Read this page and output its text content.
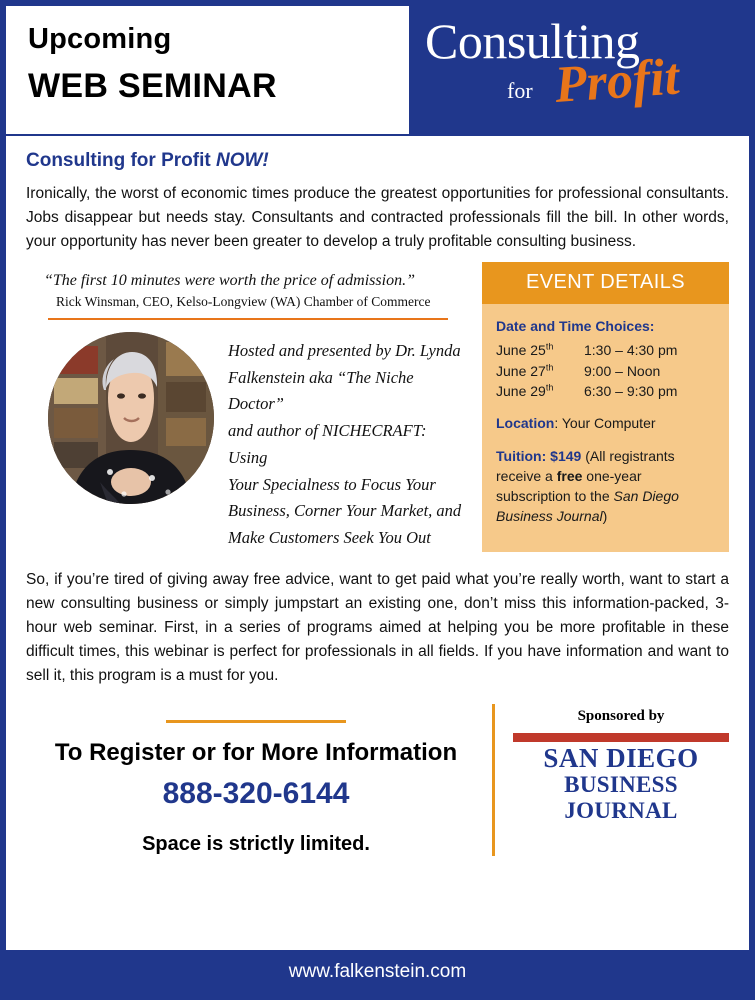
Upcoming
WEB SEMINAR
Consulting
for Profit
Consulting for Profit NOW!

Ironically, the worst of economic times produce the greatest opportunities for professional consultants. Jobs disappear but needs stay. Consultants and contracted professionals fill the bill. In other words, your opportunity has never been greater to develop a truly profitable consulting business.

“The first 10 minutes were worth the price of admission.”
Rick Winsman, CEO, Kelso-Longview (WA) Chamber of Commerce
Hosted and presented by Dr. Lynda
Falkenstein aka “The Niche Doctor”
and author of NICHECRAFT: Using
Your Specialness to Focus Your
Business, Corner Your Market, and
Make Customers Seek You Out
EVENT DETAILS
Date and Time Choices:
June 25th	1:30 – 4:30 pm
June 27th	9:00 – Noon
June 29th	6:30 – 9:30 pm
Location: Your Computer
Tuition: $149 (All registrants receive a free one-year subscription to the San Diego Business Journal)

So, if you’re tired of giving away free advice, want to get paid what you’re really worth, want to start a new consulting business or simply jumpstart an existing one, don’t miss this information-packed, 3-hour web seminar. First, in a series of programs aimed at helping you be more profitable in these difficult times, this webinar is perfect for professionals in all fields. If you have information and want to sell it, this program is a must for you.

To Register or for More Information
888-320-6144
Space is strictly limited.
Sponsored by
SAN DIEGO
BUSINESS JOURNAL
www.falkenstein.com
